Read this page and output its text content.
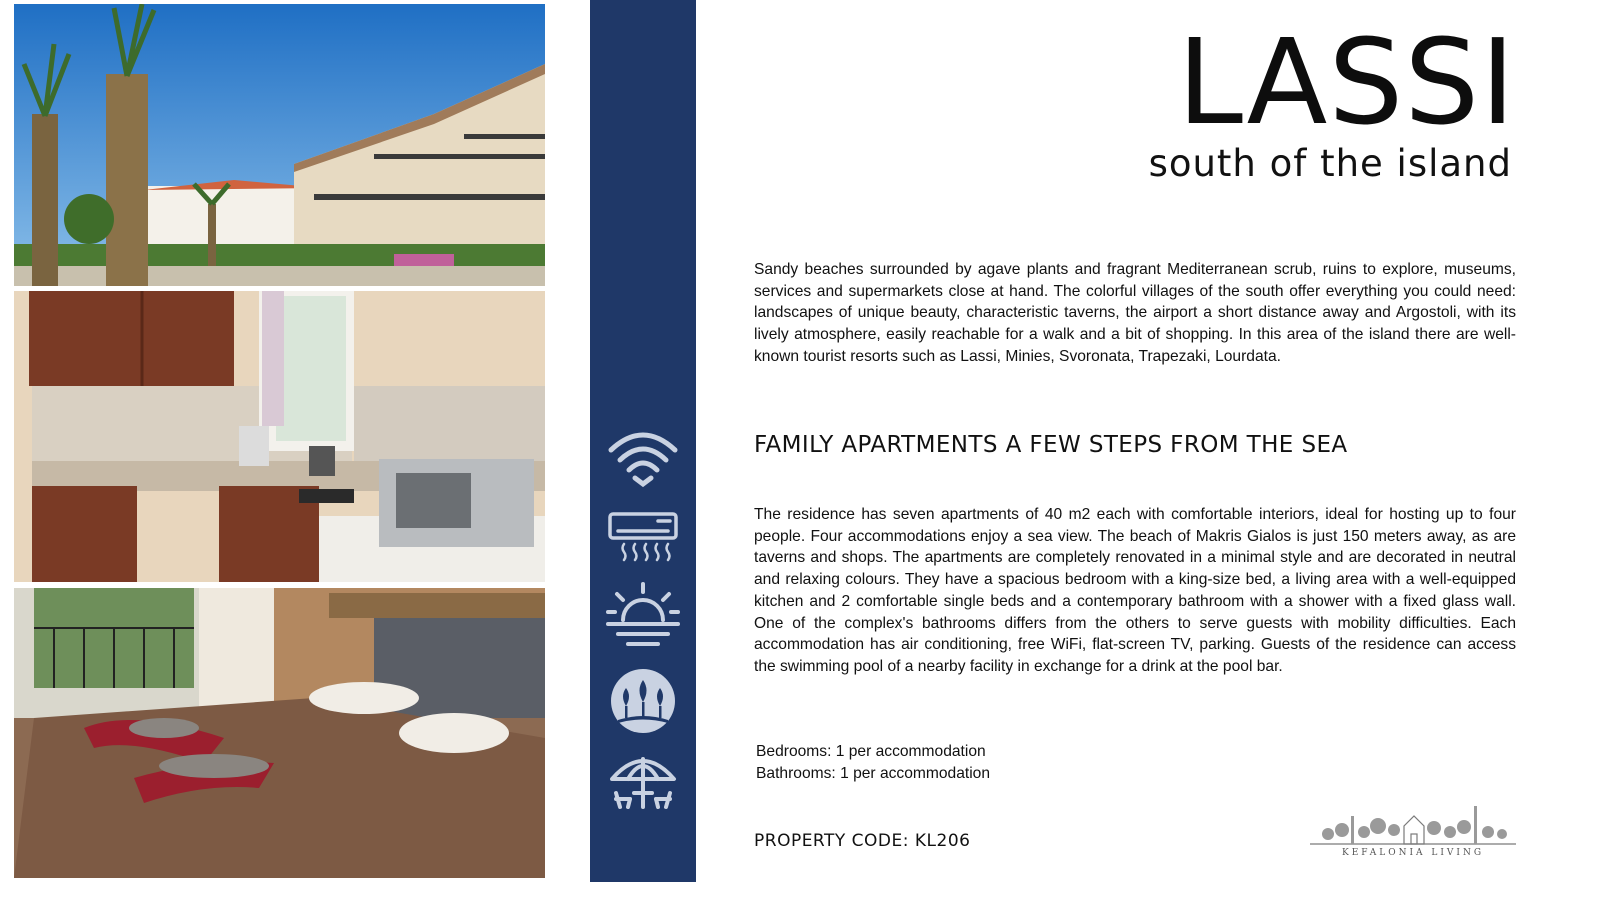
LASSI
south of the island

Sandy beaches surrounded by agave plants and fragrant Mediterranean scrub, ruins to explore, museums, services and supermarkets close at hand. The colorful villages of the south offer everything you could need: landscapes of unique beauty, characteristic taverns, the airport a short distance away and Argostoli, with its lively atmosphere, easily reachable for a walk and a bit of shopping. In this area of the island there are well-known tourist resorts such as Lassi, Minies, Svoronata, Trapezaki, Lourdata.

FAMILY APARTMENTS A FEW STEPS FROM THE SEA

The residence has seven apartments of 40 m2 each with comfortable interiors, ideal for hosting up to four people. Four accommodations enjoy a sea view. The beach of Makris Gialos is just 150 meters away, as are taverns and shops. The apartments are completely renovated in a minimal style and are decorated in neutral and relaxing colours. They have a spacious bedroom with a king-size bed, a living area with a well-equipped kitchen and 2 comfortable single beds and a contemporary bathroom with a shower with a fixed glass wall. One of the complex's bathrooms differs from the others to serve guests with mobility difficulties. Each accommodation has air conditioning, free WiFi, flat-screen TV, parking. Guests of the residence can access the swimming pool of a nearby facility in exchange for a drink at the pool bar.

Bedrooms: 1 per accommodation
Bathrooms: 1 per accommodation

PROPERTY CODE: KL206

KEFALONIA LIVING
